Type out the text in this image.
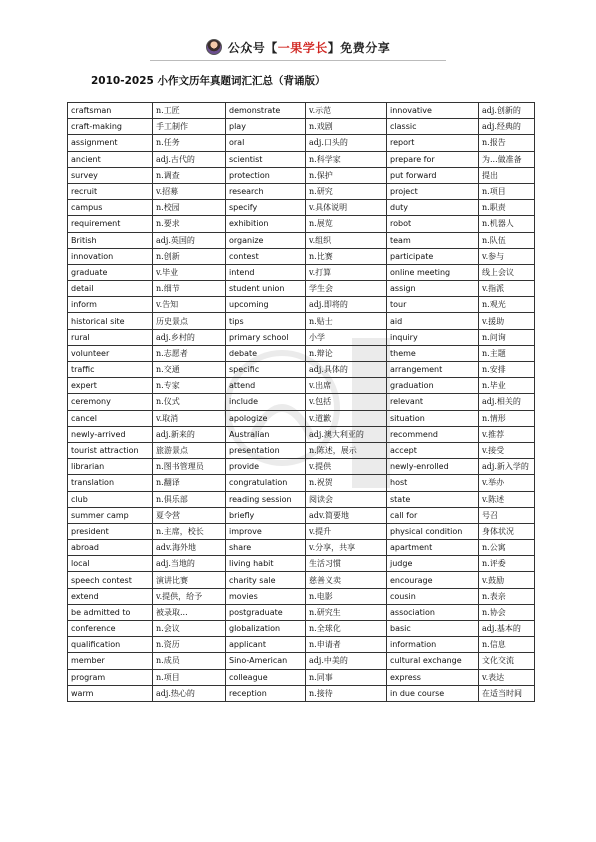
公众号【一果学长】免费分享
2010-2025 小作文历年真题词汇汇总（背诵版）
craftsman	n.工匠	demonstrate	v.示范	innovative	adj.创新的
craft-making	手工制作	play	n.戏剧	classic	adj.经典的
assignment	n.任务	oral	adj.口头的	report	n.报告
ancient	adj.古代的	scientist	n.科学家	prepare for	为...做准备
survey	n.调查	protection	n.保护	put forward	提出
recruit	v.招募	research	n.研究	project	n.项目
campus	n.校园	specify	v.具体说明	duty	n.职责
requirement	n.要求	exhibition	n.展览	robot	n.机器人
British	adj.英国的	organize	v.组织	team	n.队伍
innovation	n.创新	contest	n.比赛	participate	v.参与
graduate	v.毕业	intend	v.打算	online meeting	线上会议
detail	n.细节	student union	学生会	assign	v.指派
inform	v.告知	upcoming	adj.即将的	tour	n.观光
historical site	历史景点	tips	n.贴士	aid	v.援助
rural	adj.乡村的	primary school	小学	inquiry	n.问询
volunteer	n.志愿者	debate	n.辩论	theme	n.主题
traffic	n.交通	specific	adj.具体的	arrangement	n.安排
expert	n.专家	attend	v.出席	graduation	n.毕业
ceremony	n.仪式	include	v.包括	relevant	adj.相关的
cancel	v.取消	apologize	v.道歉	situation	n.情形
newly-arrived	adj.新来的	Australian	adj.澳大利亚的	recommend	v.推荐
tourist attraction	旅游景点	presentation	n.陈述，展示	accept	v.接受
librarian	n.图书管理员	provide	v.提供	newly-enrolled	adj.新入学的
translation	n.翻译	congratulation	n.祝贺	host	v.举办
club	n.俱乐部	reading session	阅读会	state	v.陈述
summer camp	夏令营	briefly	adv.简要地	call for	号召
president	n.主席，校长	improve	v.提升	physical condition	身体状况
abroad	adv.海外地	share	v.分享，共享	apartment	n.公寓
local	adj.当地的	living habit	生活习惯	judge	n.评委
speech contest	演讲比赛	charity sale	慈善义卖	encourage	v.鼓励
extend	v.提供，给予	movies	n.电影	cousin	n.表亲
be admitted to	被录取...	postgraduate	n.研究生	association	n.协会
conference	n.会议	globalization	n.全球化	basic	adj.基本的
qualification	n.资历	applicant	n.申请者	information	n.信息
member	n.成员	Sino-American	adj.中美的	cultural exchange	文化交流
program	n.项目	colleague	n.同事	express	v.表达
warm	adj.热心的	reception	n.接待	in due course	在适当时间
